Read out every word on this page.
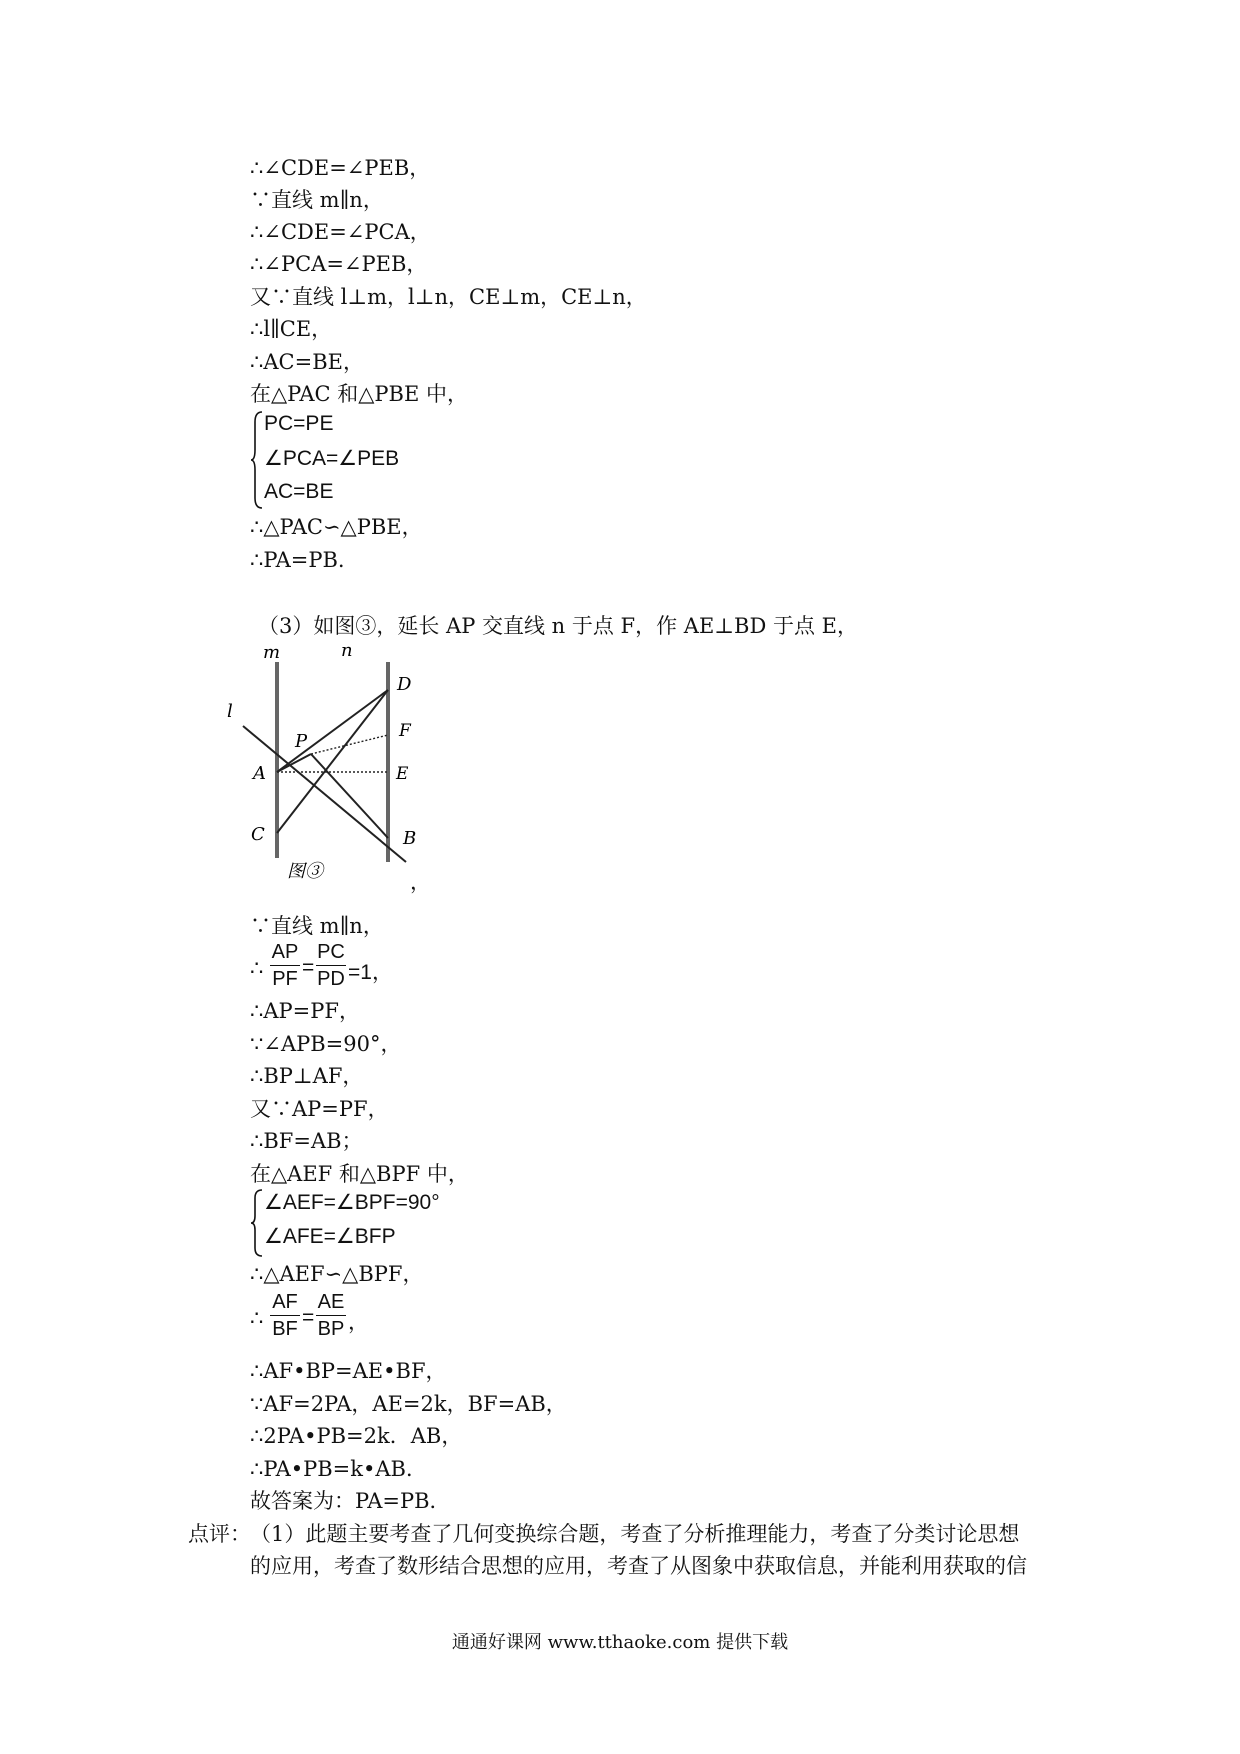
∴∠CDE=∠PEB，
∵直线 m∥n，
∴∠CDE=∠PCA，
∴∠PCA=∠PEB，
又∵直线 l⊥m，l⊥n，CE⊥m，CE⊥n，
∴l∥CE，
∴AC=BE，
在△PAC 和△PBE 中，
PC=PE
∠PCA=∠PEB
AC=BE
∴△PAC∽△PBE，
∴PA=PB.
（3）如图③，延长 AP 交直线 n 于点 F，作 AE⊥BD 于点 E，
m	n
l
P
A
C
D
F
E
B
图③	，
∵直线 m∥n，
∴
AP
PF =
PC
PD =1，
∴AP=PF，
∵∠APB=90°，
∴BP⊥AF，
又∵AP=PF，
∴BF=AB；
在△AEF 和△BPF 中，
∠AEF=∠BPF=90°
∠AFE=∠BFP
∴△AEF∽△BPF，
∴
AF
BF =
AE
BP ，
∴AF•BP=AE•BF，
∵AF=2PA，AE=2k，BF=AB，
∴2PA•PB=2k．AB，
∴PA•PB=k•AB．
故答案为：PA=PB．
点评： （1）此题主要考查了几何变换综合题，考查了分析推理能力，考查了分类讨论思想
的应用，考查了数形结合思想的应用，考查了从图象中获取信息，并能利用获取的信
通通好课网 www.tthaoke.com 提供下载
